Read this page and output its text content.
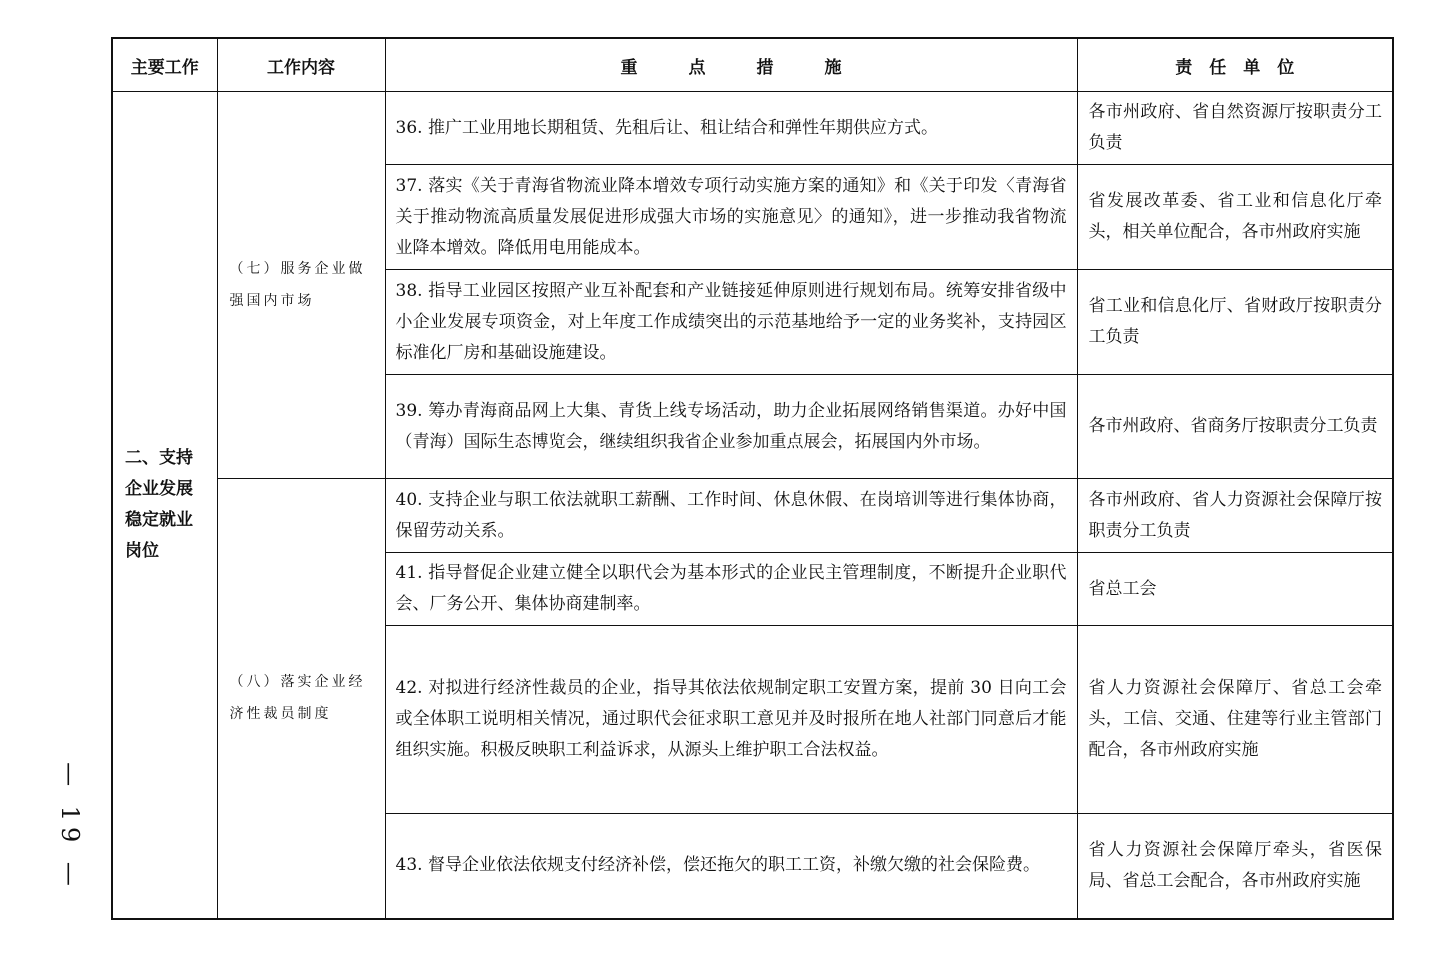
— 19 —
主要工作	工作内容	重　　　点　　　措　　　施	责　任　单　位
二、支持企业发展稳定就业岗位	（七）服务企业做强国内市场	36. 推广工业用地长期租赁、先租后让、租让结合和弹性年期供应方式。	各市州政府、省自然资源厅按职责分工负责
		37. 落实《关于青海省物流业降本增效专项行动实施方案的通知》和《关于印发〈青海省关于推动物流高质量发展促进形成强大市场的实施意见〉的通知》，进一步推动我省物流业降本增效。降低用电用能成本。	省发展改革委、省工业和信息化厅牵头，相关单位配合，各市州政府实施
		38. 指导工业园区按照产业互补配套和产业链接延伸原则进行规划布局。统筹安排省级中小企业发展专项资金，对上年度工作成绩突出的示范基地给予一定的业务奖补，支持园区标准化厂房和基础设施建设。	省工业和信息化厅、省财政厅按职责分工负责
		39. 筹办青海商品网上大集、青货上线专场活动，助力企业拓展网络销售渠道。办好中国（青海）国际生态博览会，继续组织我省企业参加重点展会，拓展国内外市场。	各市州政府、省商务厅按职责分工负责
	（八）落实企业经济性裁员制度	40. 支持企业与职工依法就职工薪酬、工作时间、休息休假、在岗培训等进行集体协商，保留劳动关系。	各市州政府、省人力资源社会保障厅按职责分工负责
		41. 指导督促企业建立健全以职代会为基本形式的企业民主管理制度，不断提升企业职代会、厂务公开、集体协商建制率。	省总工会
		42. 对拟进行经济性裁员的企业，指导其依法依规制定职工安置方案，提前 30 日向工会或全体职工说明相关情况，通过职代会征求职工意见并及时报所在地人社部门同意后才能组织实施。积极反映职工利益诉求，从源头上维护职工合法权益。	省人力资源社会保障厅、省总工会牵头，工信、交通、住建等行业主管部门配合，各市州政府实施
		43. 督导企业依法依规支付经济补偿，偿还拖欠的职工工资，补缴欠缴的社会保险费。	省人力资源社会保障厅牵头，省医保局、省总工会配合，各市州政府实施
